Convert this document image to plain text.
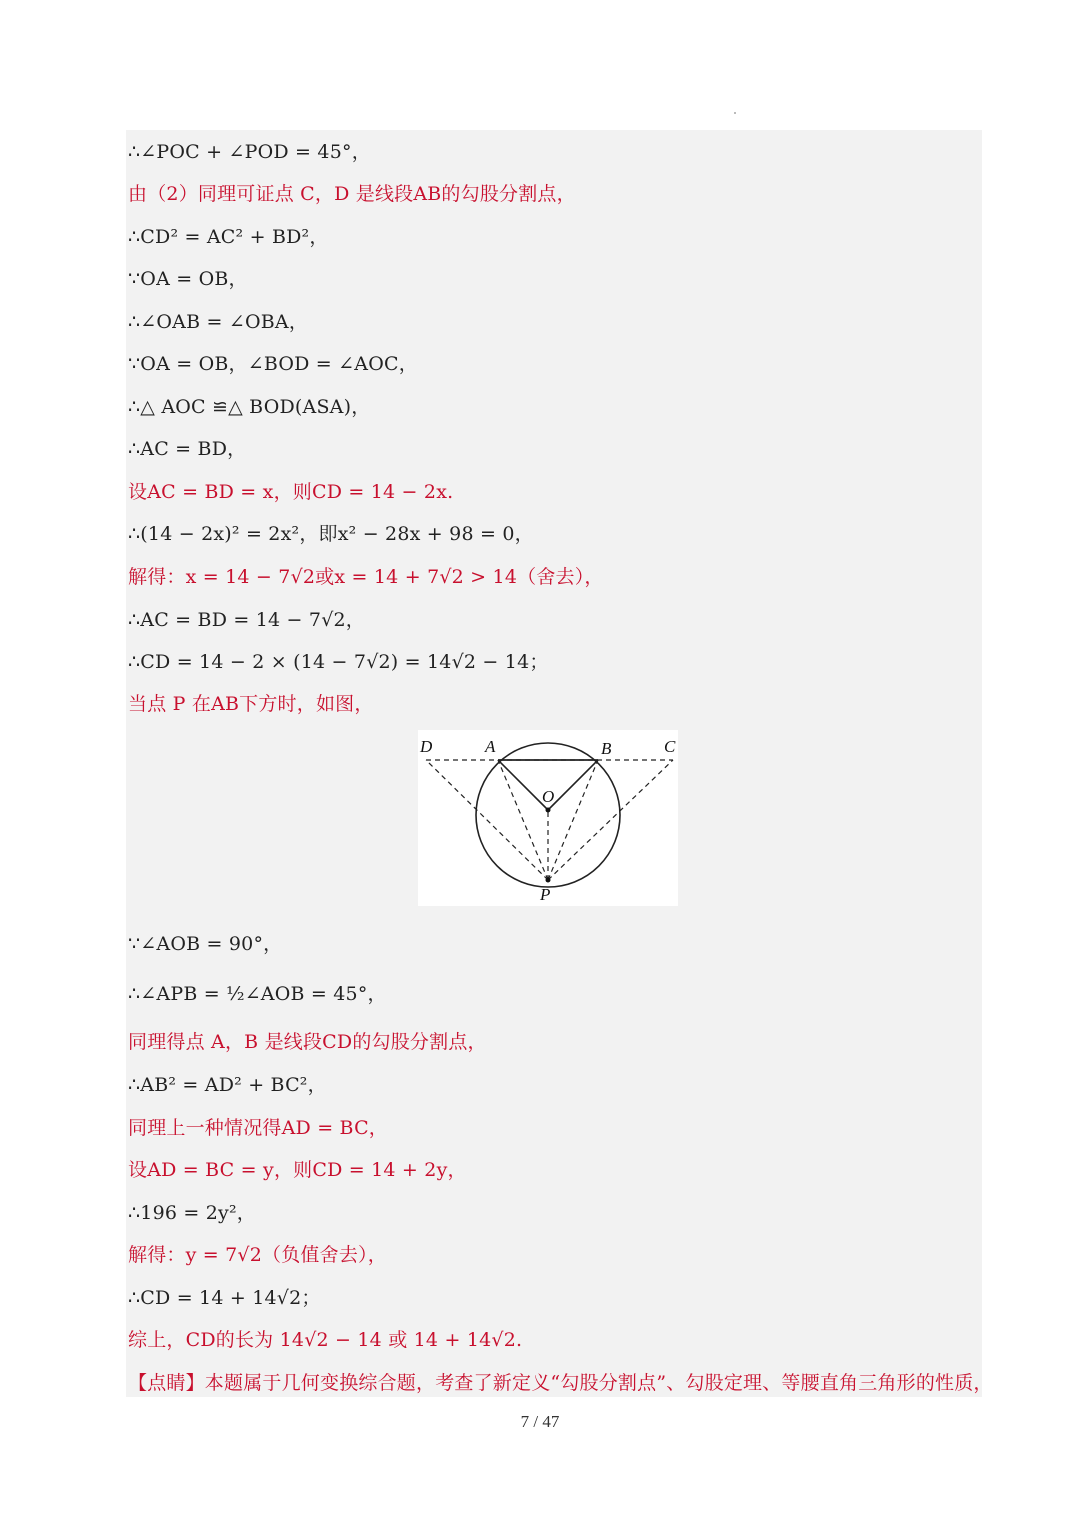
∴∠POC + ∠POD = 45°，
由（2）同理可证点 C，D 是线段AB的勾股分割点，
∴CD² = AC² + BD²，
∵OA = OB，
∴∠OAB = ∠OBA，
∵OA = OB，∠BOD = ∠AOC，
∴△ AOC ≌△ BOD(ASA)，
∴AC = BD，
设AC = BD = x，则CD = 14 − 2x.
∴(14 − 2x)² = 2x²，即x² − 28x + 98 = 0，
解得：x = 14 − 7√2或x = 14 + 7√2 > 14（舍去），
∴AC = BD = 14 − 7√2，
∴CD = 14 − 2 × (14 − 7√2) = 14√2 − 14；
当点 P 在AB下方时，如图，
D	A	B	C
O
P
∵∠AOB = 90°，
∴∠APB = ½∠AOB = 45°，
同理得点 A，B 是线段CD的勾股分割点，
∴AB² = AD² + BC²，
同理上一种情况得AD = BC，
设AD = BC = y，则CD = 14 + 2y，
∴196 = 2y²，
解得：y = 7√2（负值舍去），
∴CD = 14 + 14√2；
综上，CD的长为 14√2 − 14 或 14 + 14√2.
【点睛】本题属于几何变换综合题，考查了新定义“勾股分割点”、勾股定理、等腰直角三角形的性质，
7 / 47
